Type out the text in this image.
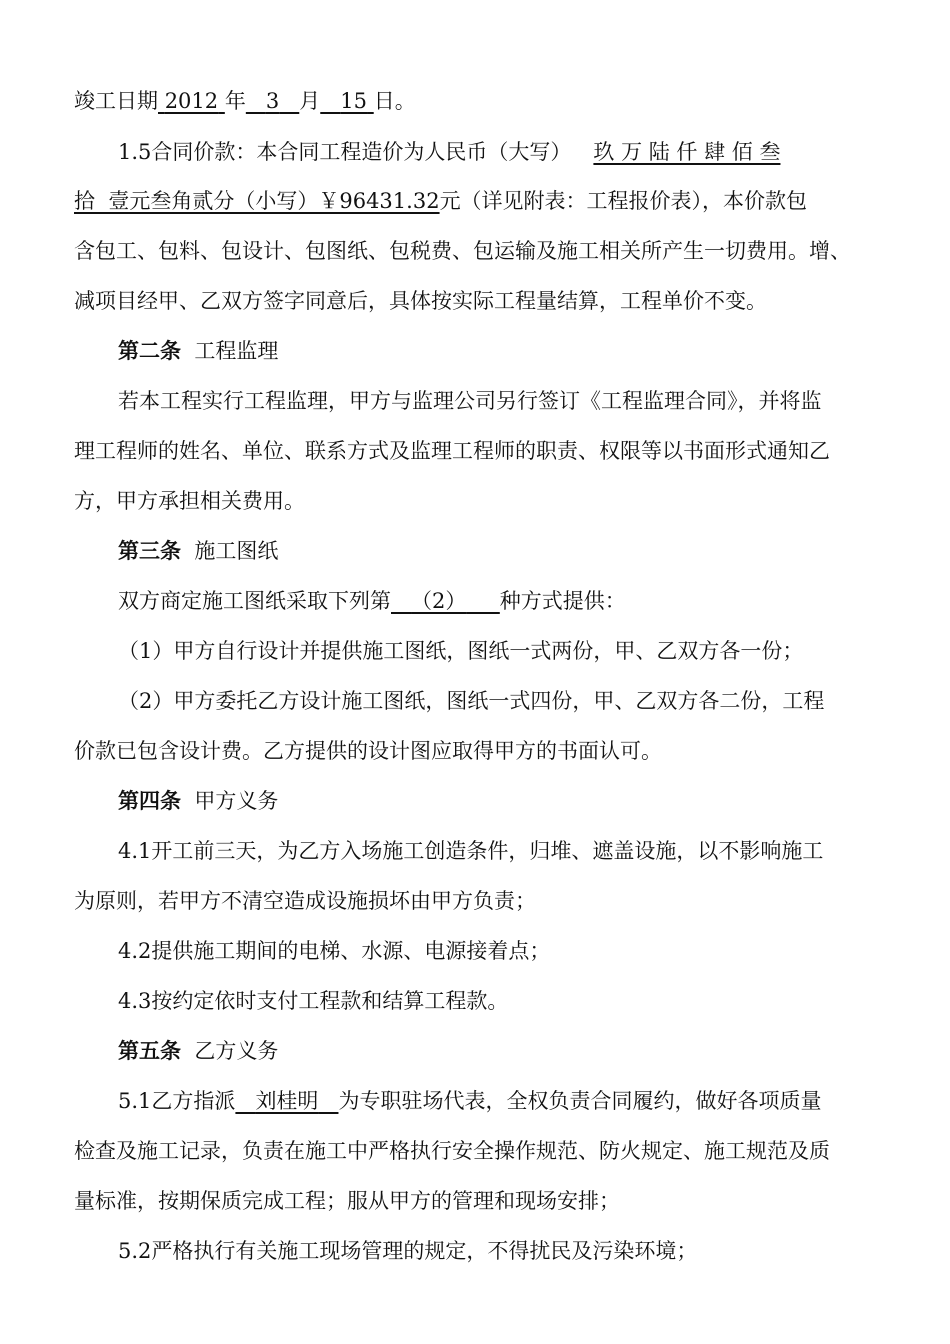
竣工日期 2012 年 3 月 15 日。
1.5合同价款：本合同工程造价为人民币（大写） 玖 万 陆 仟 肆 佰 叁
拾  壹元叁角贰分（小写）￥96431.32元（详见附表：工程报价表），本价款包
含包工、包料、包设计、包图纸、包税费、包运输及施工相关所产生一切费用。增、
减项目经甲、乙双方签字同意后，具体按实际工程量结算，工程单价不变。
第二条 工程监理
若本工程实行工程监理，甲方与监理公司另行签订《工程监理合同》，并将监
理工程师的姓名、单位、联系方式及监理工程师的职责、权限等以书面形式通知乙
方，甲方承担相关费用。
第三条 施工图纸
双方商定施工图纸采取下列第 （2） 种方式提供：
（1）甲方自行设计并提供施工图纸，图纸一式两份，甲、乙双方各一份；
（2）甲方委托乙方设计施工图纸，图纸一式四份，甲、乙双方各二份，工程
价款已包含设计费。乙方提供的设计图应取得甲方的书面认可。
第四条 甲方义务
4.1开工前三天，为乙方入场施工创造条件，归堆、遮盖设施，以不影响施工
为原则，若甲方不清空造成设施损坏由甲方负责；
4.2提供施工期间的电梯、水源、电源接着点；
4.3按约定依时支付工程款和结算工程款。
第五条 乙方义务
5.1乙方指派 刘桂明 为专职驻场代表，全权负责合同履约，做好各项质量
检查及施工记录，负责在施工中严格执行安全操作规范、防火规定、施工规范及质
量标准，按期保质完成工程；服从甲方的管理和现场安排；
5.2严格执行有关施工现场管理的规定，不得扰民及污染环境；
